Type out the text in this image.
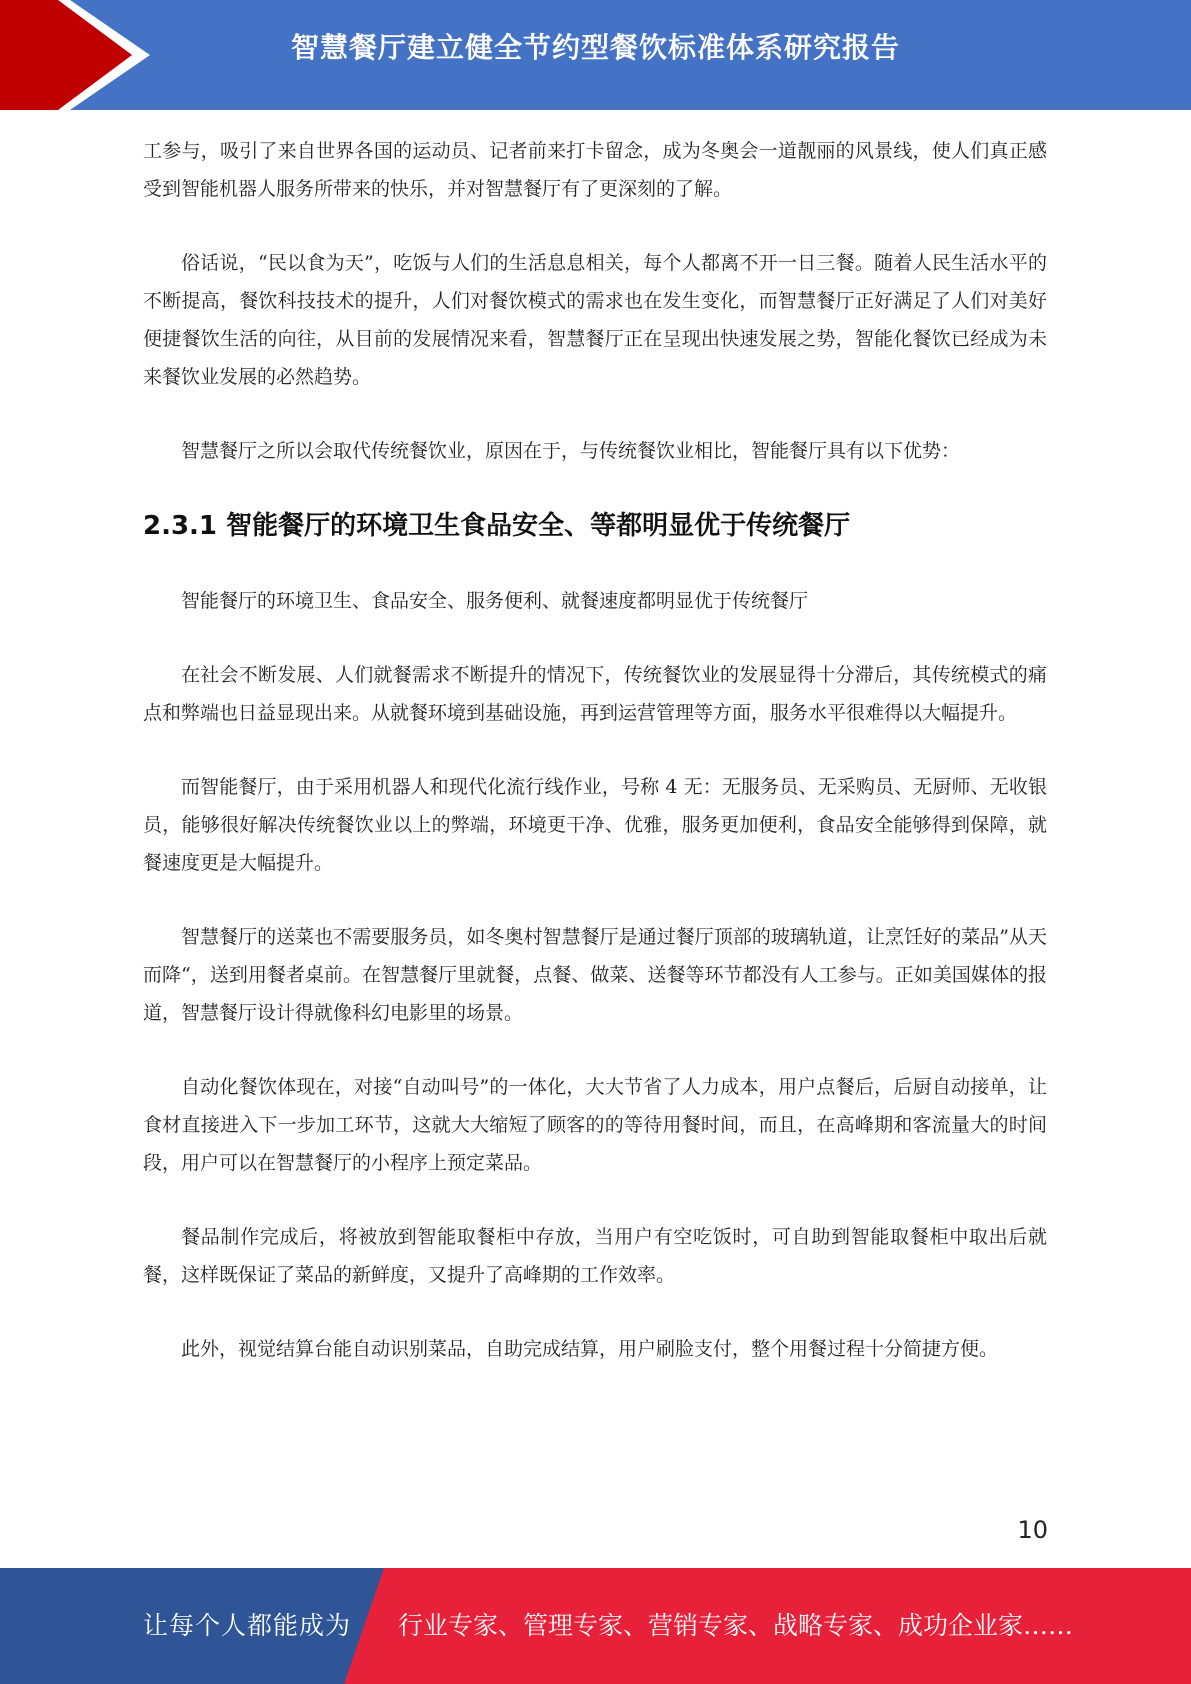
智慧餐厅建立健全节约型餐饮标准体系研究报告

工参与，吸引了来自世界各国的运动员、记者前来打卡留念，成为冬奥会一道靓丽的风景线，使人们真正感受到智能机器人服务所带来的快乐，并对智慧餐厅有了更深刻的了解。

俗话说，“民以食为天”，吃饭与人们的生活息息相关，每个人都离不开一日三餐。随着人民生活水平的不断提高，餐饮科技技术的提升，人们对餐饮模式的需求也在发生变化，而智慧餐厅正好满足了人们对美好便捷餐饮生活的向往，从目前的发展情况来看，智慧餐厅正在呈现出快速发展之势，智能化餐饮已经成为未来餐饮业发展的必然趋势。

智慧餐厅之所以会取代传统餐饮业，原因在于，与传统餐饮业相比，智能餐厅具有以下优势：

2.3.1 智能餐厅的环境卫生食品安全、等都明显优于传统餐厅

智能餐厅的环境卫生、食品安全、服务便利、就餐速度都明显优于传统餐厅

在社会不断发展、人们就餐需求不断提升的情况下，传统餐饮业的发展显得十分滞后，其传统模式的痛点和弊端也日益显现出来。从就餐环境到基础设施，再到运营管理等方面，服务水平很难得以大幅提升。

而智能餐厅，由于采用机器人和现代化流行线作业，号称 4 无：无服务员、无采购员、无厨师、无收银员，能够很好解决传统餐饮业以上的弊端，环境更干净、优雅，服务更加便利，食品安全能够得到保障，就餐速度更是大幅提升。

智慧餐厅的送菜也不需要服务员，如冬奥村智慧餐厅是通过餐厅顶部的玻璃轨道，让烹饪好的菜品”从天而降“，送到用餐者桌前。在智慧餐厅里就餐，点餐、做菜、送餐等环节都没有人工参与。正如美国媒体的报道，智慧餐厅设计得就像科幻电影里的场景。

自动化餐饮体现在，对接“自动叫号”的一体化，大大节省了人力成本，用户点餐后，后厨自动接单，让食材直接进入下一步加工环节，这就大大缩短了顾客的的等待用餐时间，而且，在高峰期和客流量大的时间段，用户可以在智慧餐厅的小程序上预定菜品。

餐品制作完成后，将被放到智能取餐柜中存放，当用户有空吃饭时，可自助到智能取餐柜中取出后就餐，这样既保证了菜品的新鲜度，又提升了高峰期的工作效率。

此外，视觉结算台能自动识别菜品，自助完成结算，用户刷脸支付，整个用餐过程十分简捷方便。

10
让每个人都能成为 行业专家、管理专家、营销专家、战略专家、成功企业家……
